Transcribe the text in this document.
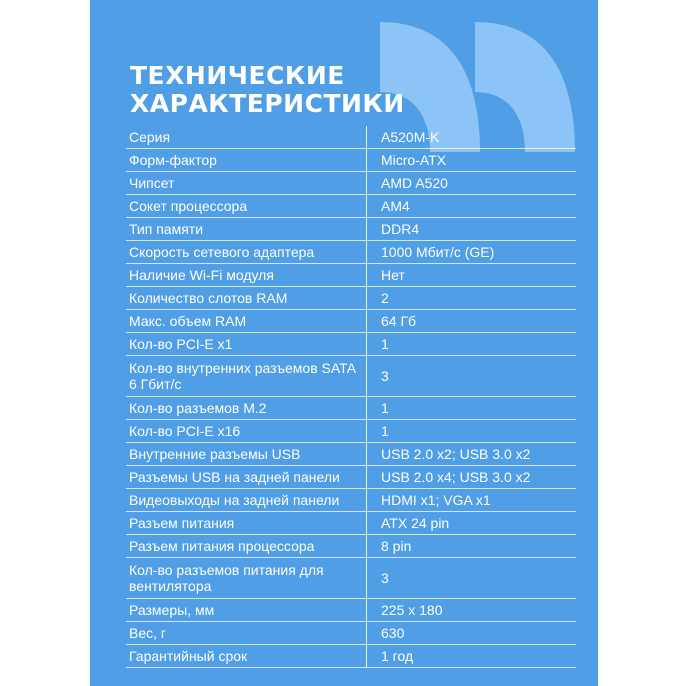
ТЕХНИЧЕСКИЕ
ХАРАКТЕРИСТИКИ
Серия	A520M-K
Форм-фактор	Micro-ATX
Чипсет	AMD A520
Сокет процессора	AM4
Тип памяти	DDR4
Скорость сетевого адаптера	1000 Мбит/с (GE)
Наличие Wi-Fi модуля	Нет
Количество слотов RAM	2
Макс. объем RAM	64 Гб
Кол-во PCI-E x1	1
Кол-во внутренних разъемов SATA 6 Гбит/с	3
Кол-во разъемов M.2	1
Кол-во PCI-E x16	1
Внутренние разъемы USB	USB 2.0 x2; USB 3.0 x2
Разъемы USB на задней панели	USB 2.0 x4; USB 3.0 x2
Видеовыходы на задней панели	HDMI x1; VGA x1
Разъем питания	ATX 24 pin
Разъем питания процессора	8 pin
Кол-во разъемов питания для вентилятора	3
Размеры, мм	225 x 180
Вес, г	630
Гарантийный срок	1 год
